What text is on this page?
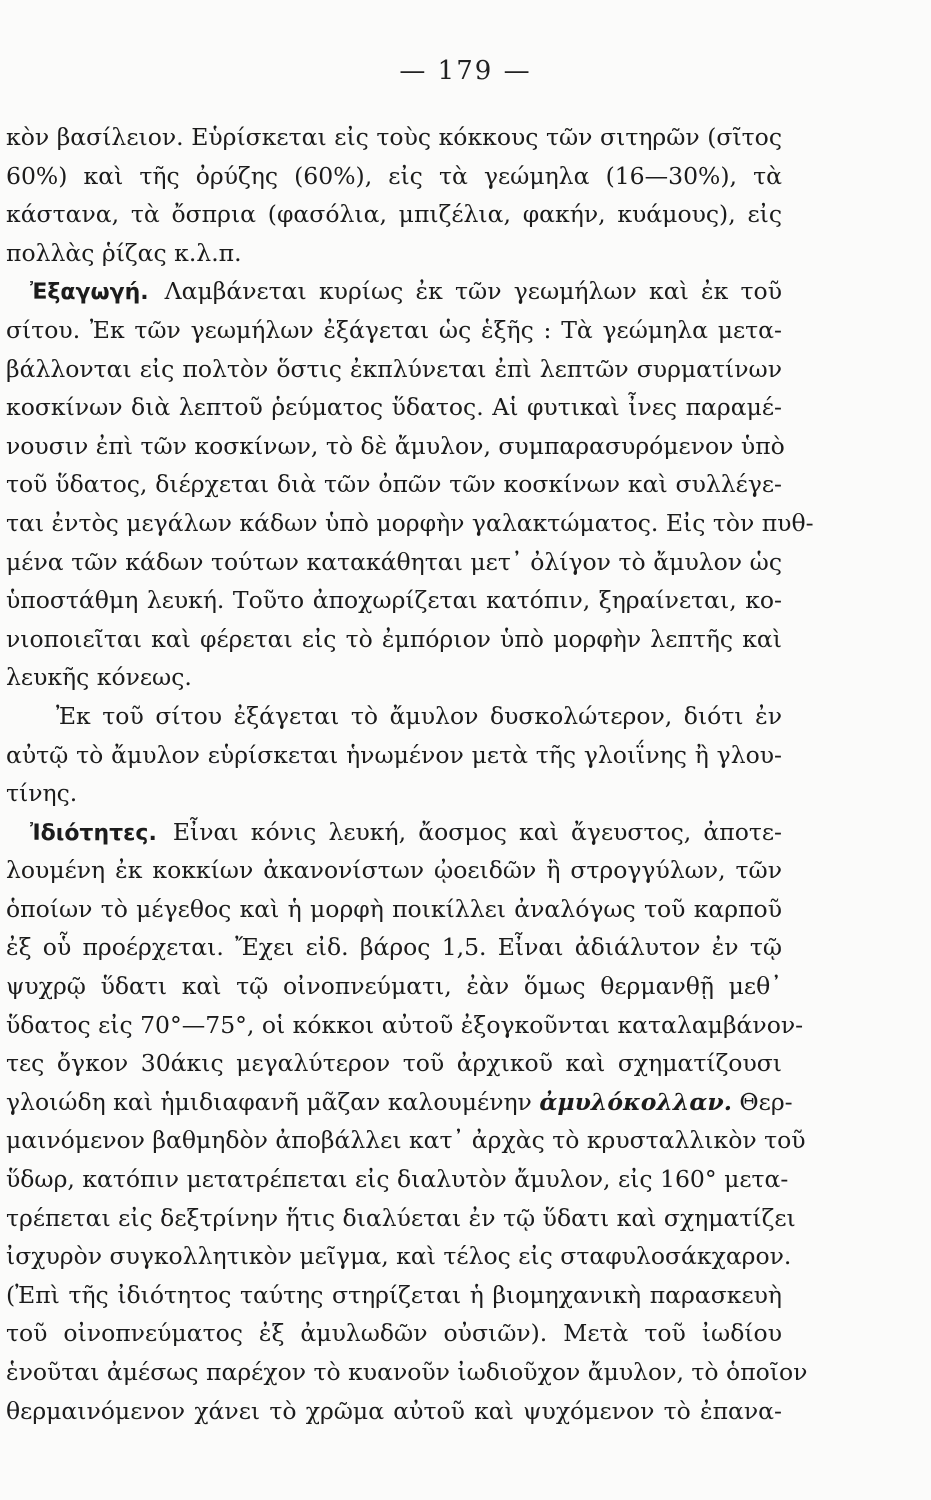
— 179 —
κὸν βασίλειον. Εὑρίσκεται εἰς τοὺς κόκκους τῶν σιτηρῶν (σῖτος
60%) καὶ τῆς ὀρύζης (60%), εἰς τὰ γεώμηλα (16—30%), τὰ
κάστανα, τὰ ὄσπρια (φασόλια, μπιζέλια, φακήν, κυάμους), εἰς
πολλὰς ῥίζας κ.λ.π.
Ἐξαγωγή. Λαμβάνεται κυρίως ἐκ τῶν γεωμήλων καὶ ἐκ τοῦ
σίτου. Ἐκ τῶν γεωμήλων ἐξάγεται ὡς ἑξῆς : Τὰ γεώμηλα μετα-
βάλλονται εἰς πολτὸν ὅστις ἐκπλύνεται ἐπὶ λεπτῶν συρματίνων
κοσκίνων διὰ λεπτοῦ ῥεύματος ὕδατος. Αἱ φυτικαὶ ἶνες παραμέ-
νουσιν ἐπὶ τῶν κοσκίνων, τὸ δὲ ἄμυλον, συμπαρασυρόμενον ὑπὸ
τοῦ ὕδατος, διέρχεται διὰ τῶν ὀπῶν τῶν κοσκίνων καὶ συλλέγε-
ται ἐντὸς μεγάλων κάδων ὑπὸ μορφὴν γαλακτώματος. Εἰς τὸν πυθ-
μένα τῶν κάδων τούτων κατακάθηται μετ᾽ ὀλίγον τὸ ἄμυλον ὡς
ὑποστάθμη λευκή. Τοῦτο ἀποχωρίζεται κατόπιν, ξηραίνεται, κο-
νιοποιεῖται καὶ φέρεται εἰς τὸ ἐμπόριον ὑπὸ μορφὴν λεπτῆς καὶ
λευκῆς κόνεως.
Ἐκ τοῦ σίτου ἐξάγεται τὸ ἄμυλον δυσκολώτερον, διότι ἐν
αὐτῷ τὸ ἄμυλον εὑρίσκεται ἡνωμένον μετὰ τῆς γλοιΐνης ἢ γλου-
τίνης.
Ἰδιότητες. Εἶναι κόνις λευκή, ἄοσμος καὶ ἄγευστος, ἀποτε-
λουμένη ἐκ κοκκίων ἀκανονίστων ᾠοειδῶν ἢ στρογγύλων, τῶν
ὁποίων τὸ μέγεθος καὶ ἡ μορφὴ ποικίλλει ἀναλόγως τοῦ καρποῦ
ἐξ οὗ προέρχεται. Ἔχει εἰδ. βάρος 1,5. Εἶναι ἀδιάλυτον ἐν τῷ
ψυχρῷ ὕδατι καὶ τῷ οἰνοπνεύματι, ἐὰν ὅμως θερμανθῇ μεθ᾽
ὕδατος εἰς 70°—75°, οἱ κόκκοι αὐτοῦ ἐξογκοῦνται καταλαμβάνον-
τες ὄγκον 30άκις μεγαλύτερον τοῦ ἀρχικοῦ καὶ σχηματίζουσι
γλοιώδη καὶ ἡμιδιαφανῆ μᾶζαν καλουμένην ἀμυλόκολλαν. Θερ-
μαινόμενον βαθμηδὸν ἀποβάλλει κατ᾽ ἀρχὰς τὸ κρυσταλλικὸν τοῦ
ὕδωρ, κατόπιν μετατρέπεται εἰς διαλυτὸν ἄμυλον, εἰς 160° μετα-
τρέπεται εἰς δεξτρίνην ἥτις διαλύεται ἐν τῷ ὕδατι καὶ σχηματίζει
ἰσχυρὸν συγκολλητικὸν μεῖγμα, καὶ τέλος εἰς σταφυλοσάκχαρον.
(Ἐπὶ τῆς ἰδιότητος ταύτης στηρίζεται ἡ βιομηχανικὴ παρασκευὴ
τοῦ οἰνοπνεύματος ἐξ ἀμυλωδῶν οὐσιῶν). Μετὰ τοῦ ἰωδίου
ἑνοῦται ἀμέσως παρέχον τὸ κυανοῦν ἰωδιοῦχον ἄμυλον, τὸ ὁποῖον
θερμαινόμενον χάνει τὸ χρῶμα αὐτοῦ καὶ ψυχόμενον τὸ ἐπανα-
